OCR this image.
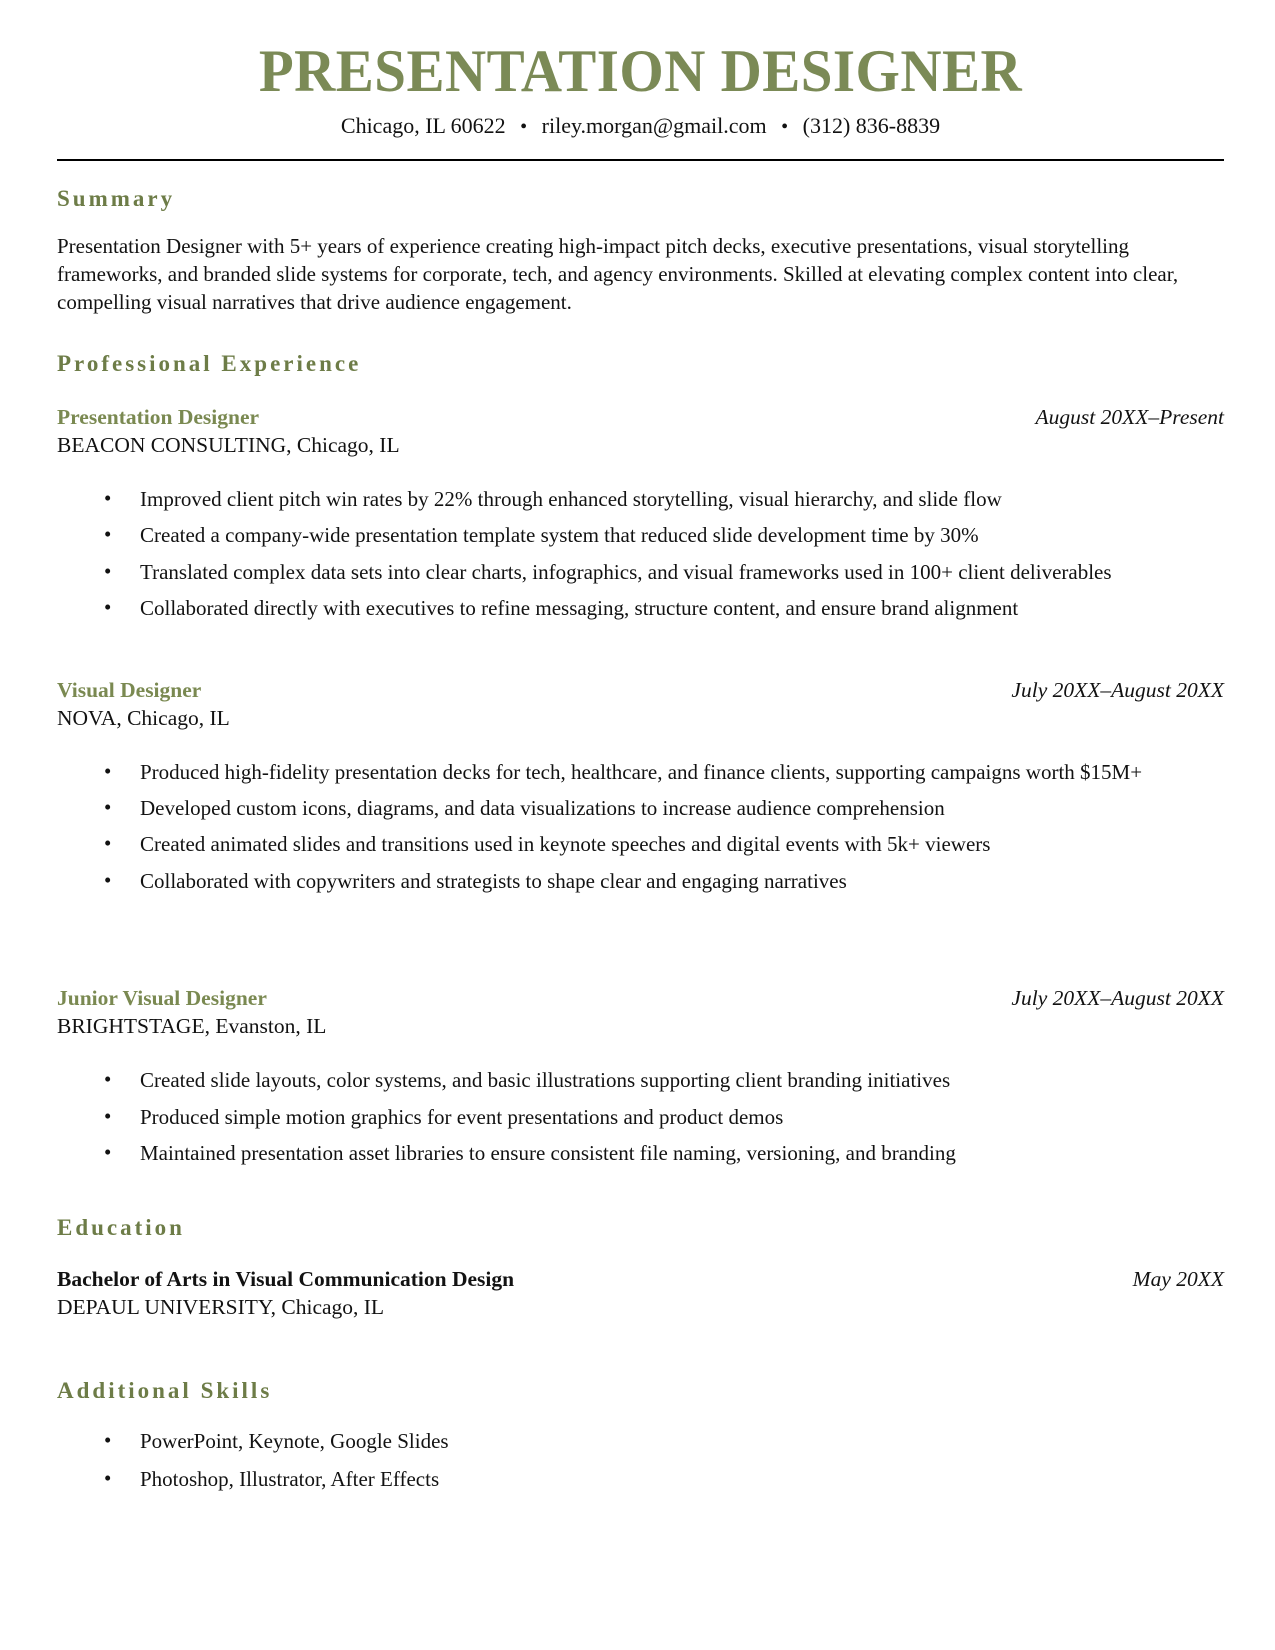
PRESENTATION DESIGNER
Chicago, IL 60622 • riley.morgan@gmail.com • (312) 836-8839
Summary

Presentation Designer with 5+ years of experience creating high-impact pitch decks, executive presentations, visual storytelling frameworks, and branded slide systems for corporate, tech, and agency environments. Skilled at elevating complex content into clear, compelling visual narratives that drive audience engagement.

Professional Experience
Presentation Designer	August 20XX–Present
BEACON CONSULTING, Chicago, IL
• Improved client pitch win rates by 22% through enhanced storytelling, visual hierarchy, and slide flow
• Created a company-wide presentation template system that reduced slide development time by 30%
• Translated complex data sets into clear charts, infographics, and visual frameworks used in 100+ client deliverables
• Collaborated directly with executives to refine messaging, structure content, and ensure brand alignment
Visual Designer	July 20XX–August 20XX
NOVA, Chicago, IL
• Produced high-fidelity presentation decks for tech, healthcare, and finance clients, supporting campaigns worth $15M+
• Developed custom icons, diagrams, and data visualizations to increase audience comprehension
• Created animated slides and transitions used in keynote speeches and digital events with 5k+ viewers
• Collaborated with copywriters and strategists to shape clear and engaging narratives
Junior Visual Designer	July 20XX–August 20XX
BRIGHTSTAGE, Evanston, IL
• Created slide layouts, color systems, and basic illustrations supporting client branding initiatives
• Produced simple motion graphics for event presentations and product demos
• Maintained presentation asset libraries to ensure consistent file naming, versioning, and branding
Education
Bachelor of Arts in Visual Communication Design	May 20XX
DEPAUL UNIVERSITY, Chicago, IL
Additional Skills
• PowerPoint, Keynote, Google Slides
• Photoshop, Illustrator, After Effects
